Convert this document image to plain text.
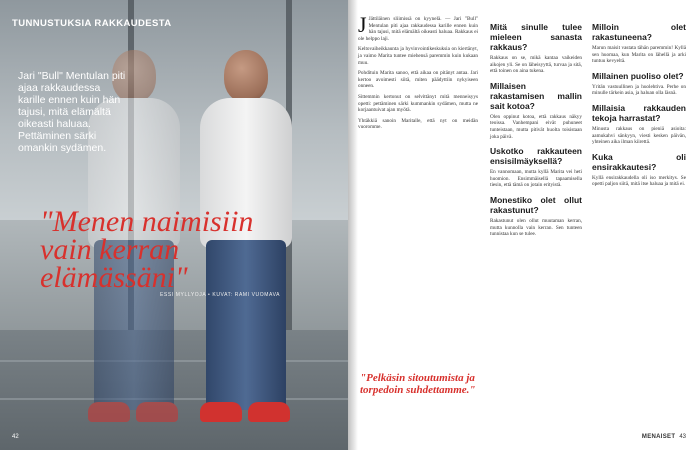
TUNNUSTUKSIA RAKKAUDESTA
Jari "Bull" Mentulan piti ajaa rakkaudessa karille ennen kuin hän tajusi, mitä elämältä oikeasti haluaa. Pettäminen särki omankin sydämen.
ESSI MYLLYOJA • KUVAT: RAMI VUOMAVA
42
"Menen naimisiin
vain kerran
elämässäni"

J Jättiläinen sliimissä on kyynelä. — Jari "Bull" Mentulan piti ajaa rakkaudessa karille ennen kuin hän tajusi, mitä elämältä oikeasti haluaa. Rakkaus ei ole helppo laji.

Keltovaiheikkaunta ja hyvinvointikeskuksia on kiertänyt, ja vaimo Marita tuntee miehensä paremmin kuin kukaan muu.

Pohdituin Marita sanoo, että aikaa on pitänyt antaa. Jari kertoo avoimesti siitä, miten päädyttiin nykyiseen onneen.

Sittemmin kertonut on selvittänyt mitä menneisyys opetti: pettäminen särki kummankin sydämen, mutta ne korjaantuivat ajan myötä.

Yhtäkkiä sanoin Maritalle, että nyt on meidän vuoromme.

"Pelkäsin sitoutumista ja torpedoin suhdettamme."
Mitä sinulle tulee mieleen sanasta rakkaus?

Rakkaus on se, mikä kantaa vaikeiden aikojen yli. Se on läheisyyttä, turvaa ja sitä, että toinen on aina tukena.

Millaisen rakastamisen mallin sait kotoa?

Olen oppinut kotoa, että rakkaus näkyy teoissa. Vanhempani eivät puhuneet tunteistaan, mutta pitivät huolta toisistaan joka päivä.

Uskotko rakkauteen ensisilmäyksellä?

En vannomaan, mutta kyllä Marita vei heti huomion. Ensimmäisellä tapaamisella tiesin, että tämä on jotain erityistä.

Monestiko olet ollut rakastunut?

Rakastunut olen ollut muutaman kerran, mutta kunnolla vain kerran. Sen tunteen tunnistaa kun se tulee.

Milloin olet rakastuneena?

Marun maisit vastata tähän paremmin! Kyllä sen huomaa, kun Marita on lähellä ja arki tuntuu kevyeltä.

Millainen puoliso olet?

Yritän vastuullinen ja huolehtiva. Perhe on minulle tärkein asia, ja haluan olla läsnä.

Millaisia rakkauden tekoja harrastat?

Minusta rakkaus on pieniä asioita: aamukahvi sänkyyn, viesti kesken päivän, yhteinen aika ilman kiirettä.

Kuka oli ensirakkautesi?

Kyllä ensirakkaudella oli iso merkitys. Se opetti paljon siitä, mitä itse haluaa ja mitä ei.

MENAISET 43
